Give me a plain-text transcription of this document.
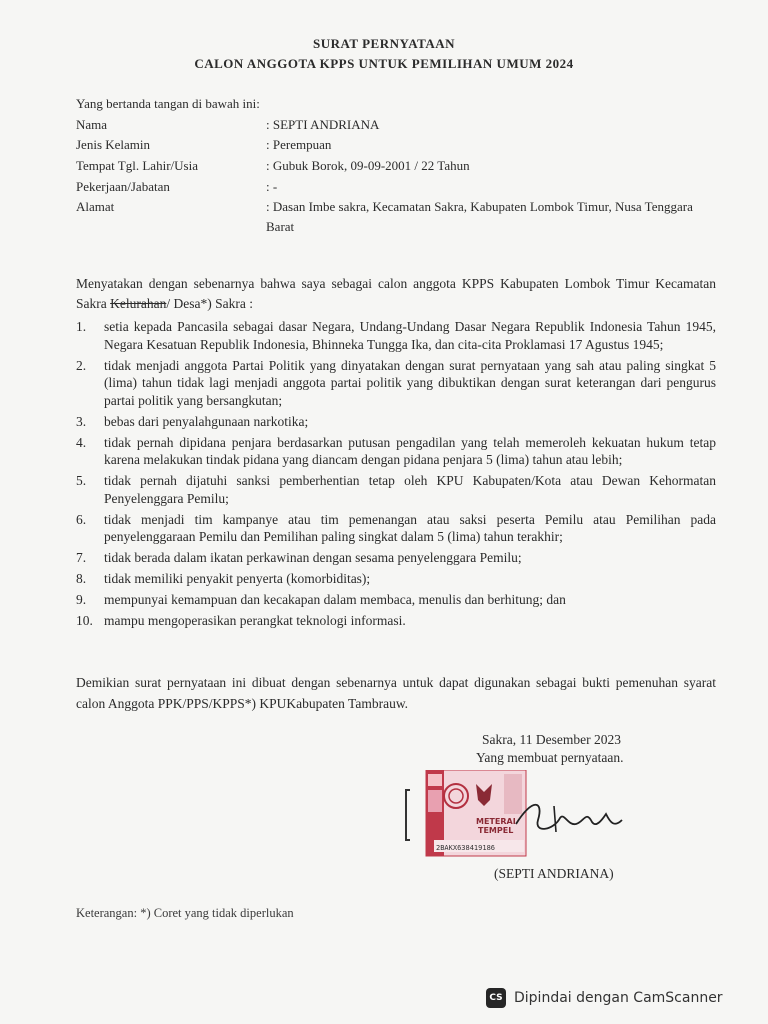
SURAT PERNYATAAN
CALON ANGGOTA KPPS UNTUK PEMILIHAN UMUM 2024
Yang bertanda tangan di bawah ini:
Nama	: SEPTI ANDRIANA
Jenis Kelamin	: Perempuan
Tempat Tgl. Lahir/Usia	: Gubuk Borok, 09-09-2001 / 22 Tahun
Pekerjaan/Jabatan	: -
Alamat	: Dasan Imbe sakra, Kecamatan Sakra, Kabupaten Lombok Timur, Nusa Tenggara Barat
Menyatakan dengan sebenarnya bahwa saya sebagai calon anggota KPPS Kabupaten Lombok Timur Kecamatan Sakra Kelurahan/ Desa*) Sakra :
1.	setia kepada Pancasila sebagai dasar Negara, Undang-Undang Dasar Negara Republik Indonesia Tahun 1945, Negara Kesatuan Republik Indonesia, Bhinneka Tungga Ika, dan cita-cita Proklamasi 17 Agustus 1945;
2.	tidak menjadi anggota Partai Politik yang dinyatakan dengan surat pernyataan yang sah atau paling singkat 5 (lima) tahun tidak lagi menjadi anggota partai politik yang dibuktikan dengan surat keterangan dari pengurus partai politik yang bersangkutan;
3.	bebas dari penyalahgunaan narkotika;
4.	tidak pernah dipidana penjara berdasarkan putusan pengadilan yang telah memeroleh kekuatan hukum tetap karena melakukan tindak pidana yang diancam dengan pidana penjara 5 (lima) tahun atau lebih;
5.	tidak pernah dijatuhi sanksi pemberhentian tetap oleh KPU Kabupaten/Kota atau Dewan Kehormatan Penyelenggara Pemilu;
6.	tidak menjadi tim kampanye atau tim pemenangan atau saksi peserta Pemilu atau Pemilihan pada penyelenggaraan Pemilu dan Pemilihan paling singkat dalam 5 (lima) tahun terakhir;
7.	tidak berada dalam ikatan perkawinan dengan sesama penyelenggara Pemilu;
8.	tidak memiliki penyakit penyerta (komorbiditas);
9.	mempunyai kemampuan dan kecakapan dalam membaca, menulis dan berhitung; dan
10. mampu mengoperasikan perangkat teknologi informasi.
Demikian surat pernyataan ini dibuat dengan sebenarnya untuk dapat digunakan sebagai bukti pemenuhan syarat calon Anggota PPK/PPS/KPPS*) KPUKabupaten Tambrauw.
Sakra, 11 Desember 2023
Yang membuat pernyataan.
METERAI
TEMPEL
2BAKX638419186
(SEPTI ANDRIANA)
Keterangan: *) Coret yang tidak diperlukan
CS Dipindai dengan CamScanner
